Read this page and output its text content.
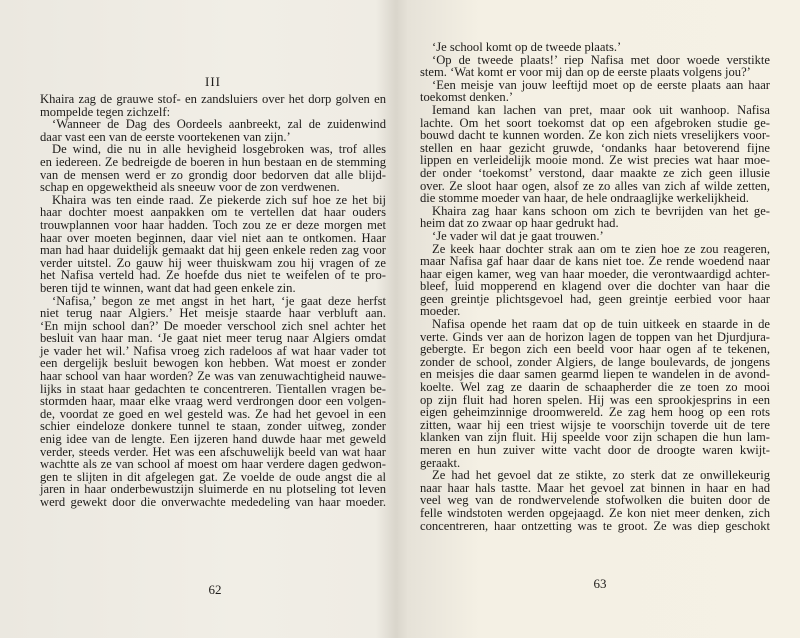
III
Khaira zag de grauwe stof- en zandsluiers over het dorp golven en
mompelde tegen zichzelf:
‘Wanneer de Dag des Oordeels aanbreekt, zal de zuidenwind
daar vast een van de eerste voortekenen van zijn.’
De wind, die nu in alle hevigheid losgebroken was, trof alles
en iedereen. Ze bedreigde de boeren in hun bestaan en de stemming
van de mensen werd er zo grondig door bedorven dat alle blijd-
schap en opgewektheid als sneeuw voor de zon verdwenen.
Khaira was ten einde raad. Ze piekerde zich suf hoe ze het bij
haar dochter moest aanpakken om te vertellen dat haar ouders
trouwplannen voor haar hadden. Toch zou ze er deze morgen met
haar over moeten beginnen, daar viel niet aan te ontkomen. Haar
man had haar duidelijk gemaakt dat hij geen enkele reden zag voor
verder uitstel. Zo gauw hij weer thuiskwam zou hij vragen of ze
het Nafisa verteld had. Ze hoefde dus niet te weifelen of te pro-
beren tijd te winnen, want dat had geen enkele zin.
‘Nafisa,’ begon ze met angst in het hart, ‘je gaat deze herfst
niet terug naar Algiers.’ Het meisje staarde haar verbluft aan.
‘En mijn school dan?’ De moeder verschool zich snel achter het
besluit van haar man. ‘Je gaat niet meer terug naar Algiers omdat
je vader het wil.’ Nafisa vroeg zich radeloos af wat haar vader tot
een dergelijk besluit bewogen kon hebben. Wat moest er zonder
haar school van haar worden? Ze was van zenuwachtigheid nauwe-
lijks in staat haar gedachten te concentreren. Tientallen vragen be-
stormden haar, maar elke vraag werd verdrongen door een volgen-
de, voordat ze goed en wel gesteld was. Ze had het gevoel in een
schier eindeloze donkere tunnel te staan, zonder uitweg, zonder
enig idee van de lengte. Een ijzeren hand duwde haar met geweld
verder, steeds verder. Het was een afschuwelijk beeld van wat haar
wachtte als ze van school af moest om haar verdere dagen gedwon-
gen te slijten in dit afgelegen gat. Ze voelde de oude angst die al
jaren in haar onderbewustzijn sluimerde en nu plotseling tot leven
werd gewekt door die onverwachte mededeling van haar moeder.
‘Je school komt op de tweede plaats.’
‘Op de tweede plaats!’ riep Nafisa met door woede verstikte
stem. ‘Wat komt er voor mij dan op de eerste plaats volgens jou?’
‘Een meisje van jouw leeftijd moet op de eerste plaats aan haar
toekomst denken.’
Iemand kan lachen van pret, maar ook uit wanhoop. Nafisa
lachte. Om het soort toekomst dat op een afgebroken studie ge-
bouwd dacht te kunnen worden. Ze kon zich niets vreselijkers voor-
stellen en haar gezicht gruwde, ‘ondanks haar betoverend fijne
lippen en verleidelijk mooie mond. Ze wist precies wat haar moe-
der onder ‘toekomst’ verstond, daar maakte ze zich geen illusie
over. Ze sloot haar ogen, alsof ze zo alles van zich af wilde zetten,
die stomme moeder van haar, de hele ondraaglijke werkelijkheid.
Khaira zag haar kans schoon om zich te bevrijden van het ge-
heim dat zo zwaar op haar gedrukt had.
‘Je vader wil dat je gaat trouwen.’
Ze keek haar dochter strak aan om te zien hoe ze zou reageren,
maar Nafisa gaf haar daar de kans niet toe. Ze rende woedend naar
haar eigen kamer, weg van haar moeder, die verontwaardigd achter-
bleef, luid mopperend en klagend over die dochter van haar die
geen greintje plichtsgevoel had, geen greintje eerbied voor haar
moeder.
Nafisa opende het raam dat op de tuin uitkeek en staarde in de
verte. Ginds ver aan de horizon lagen de toppen van het Djurdjura-
gebergte. Er begon zich een beeld voor haar ogen af te tekenen,
zonder de school, zonder Algiers, de lange boulevards, de jongens
en meisjes die daar samen gearmd liepen te wandelen in de avond-
koelte. Wel zag ze daarin de schaapherder die ze toen zo mooi
op zijn fluit had horen spelen. Hij was een sprookjesprins in een
eigen geheimzinnige droomwereld. Ze zag hem hoog op een rots
zitten, waar hij een triest wijsje te voorschijn toverde uit de tere
klanken van zijn fluit. Hij speelde voor zijn schapen die hun lam-
meren en hun zuiver witte vacht door de droogte waren kwijt-
geraakt.
Ze had het gevoel dat ze stikte, zo sterk dat ze onwillekeurig
naar haar hals tastte. Maar het gevoel zat binnen in haar en had
veel weg van de rondwervelende stofwolken die buiten door de
felle windstoten werden opgejaagd. Ze kon niet meer denken, zich
concentreren, haar ontzetting was te groot. Ze was diep geschokt
62	63
